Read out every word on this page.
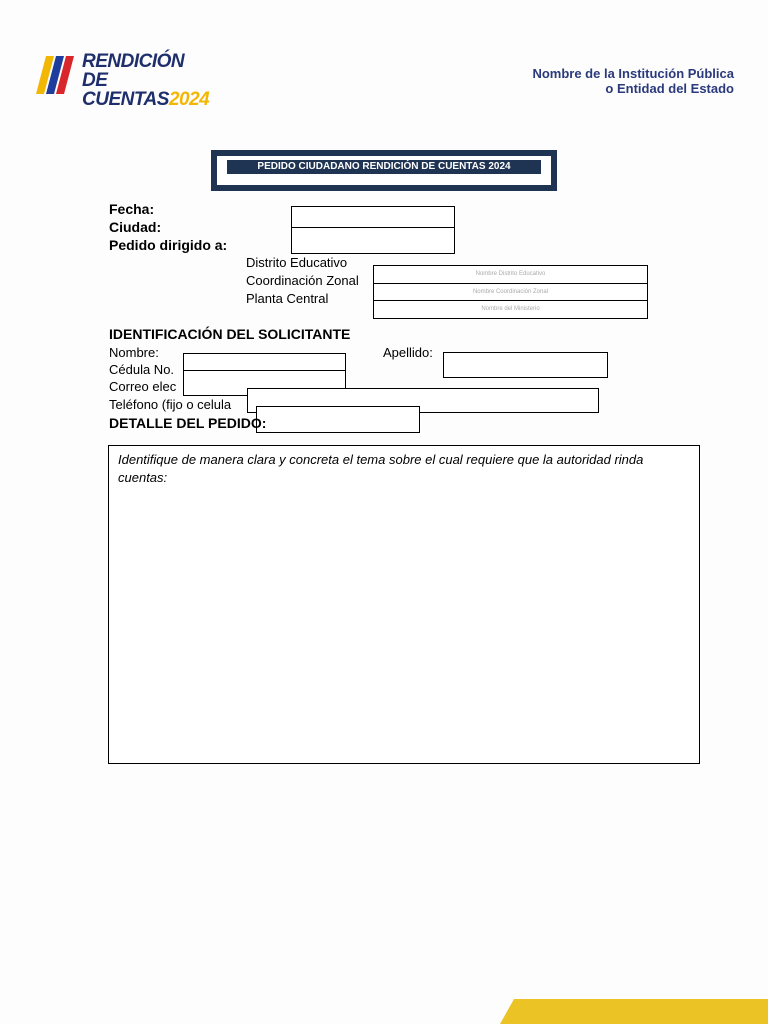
RENDICIÓN DE
CUENTAS2024
Nombre de la Institución Pública
o Entidad del Estado
PEDIDO CIUDADANO RENDICIÓN DE CUENTAS 2024
Fecha:
Ciudad:
Pedido dirigido a:
Distrito Educativo
Coordinación Zonal
Planta Central
Nombre Distrito Educativo
Nombre Coordinación Zonal
Nombre del Ministerio
IDENTIFICACIÓN DEL SOLICITANTE
Nombre:	Apellido:
Cédula No.
Correo elec
Teléfono (fijo o celula
DETALLE DEL PEDIDO:
Identifique de manera clara y concreta el tema sobre el cual requiere que la autoridad rinda cuentas:
